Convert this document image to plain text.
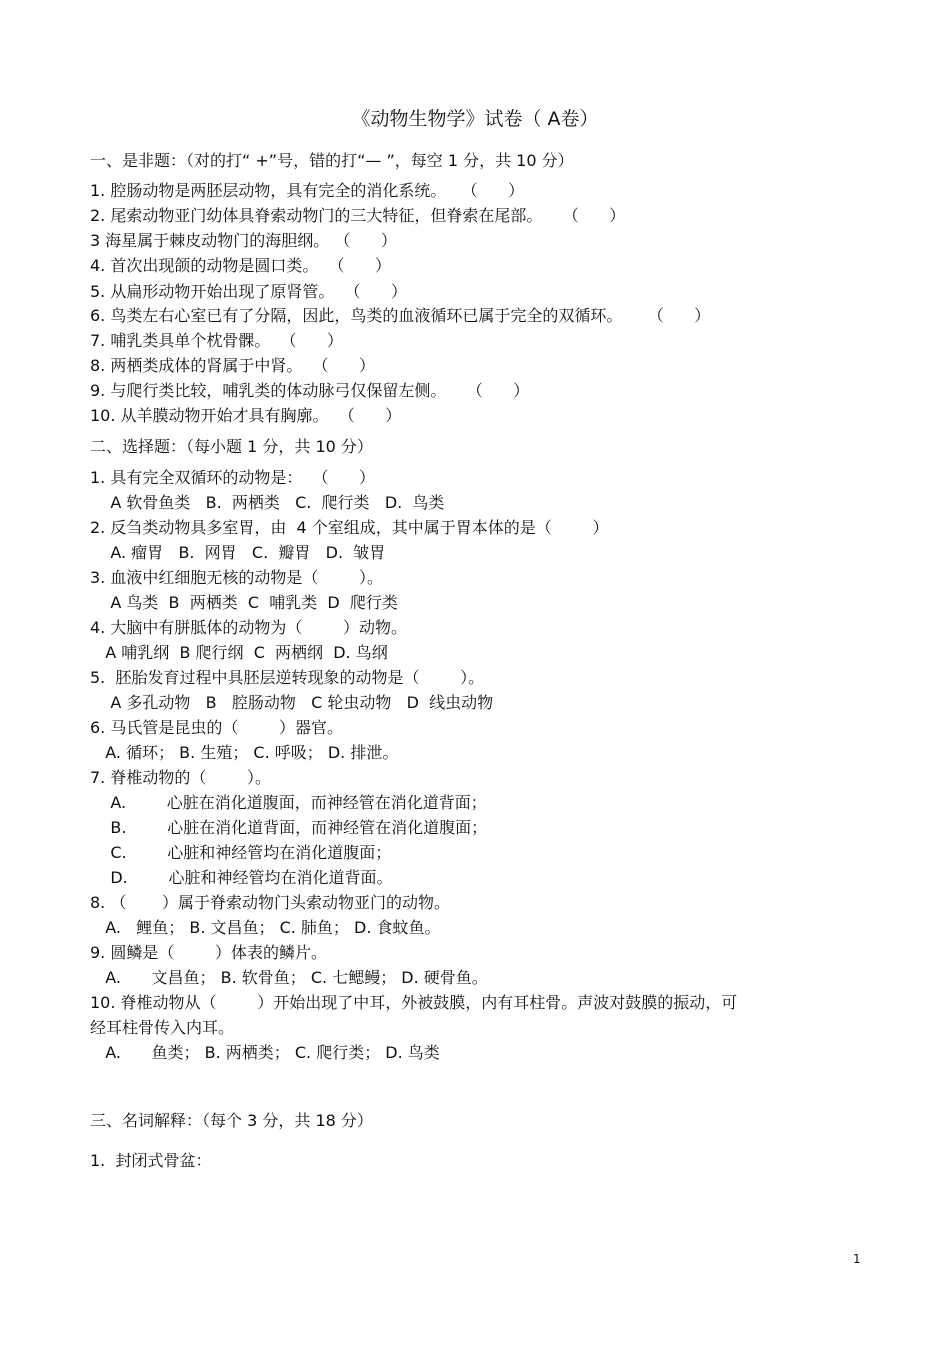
《动物生物学》试卷（ A卷）
一、是非题：（对的打“ +”号，错的打“— ”，每空 1 分，共 10 分）
1. 腔肠动物是两胚层动物，具有完全的消化系统。   （      ）
2. 尾索动物亚门幼体具脊索动物门的三大特征，但脊索在尾部。    （      ）
3 海星属于棘皮动物门的海胆纲。 （      ）
4. 首次出现颌的动物是圆口类。  （      ）
5. 从扁形动物开始出现了原肾管。  （      ）
6. 鸟类左右心室已有了分隔，因此，鸟类的血液循环已属于完全的双循环。     （      ）
7. 哺乳类具单个枕骨髁。  （      ）
8. 两栖类成体的肾属于中肾。  （      ）
9. 与爬行类比较，哺乳类的体动脉弓仅保留左侧。    （      ）
10. 从羊膜动物开始才具有胸廓。  （      ）
二、选择题：（每小题 1 分，共 10 分）
1. 具有完全双循环的动物是：  （      ）
A 软骨鱼类   B.  两栖类   C.  爬行类   D.  鸟类
2. 反刍类动物具多室胃，由  4 个室组成，其中属于胃本体的是（        ）
A. 瘤胃   B.  网胃   C.  瓣胃   D.  皱胃
3. 血液中红细胞无核的动物是（        ）。
A 鸟类  B  两栖类  C  哺乳类  D  爬行类
4. 大脑中有胼胝体的动物为（        ）动物。
A 哺乳纲  B 爬行纲  C  两栖纲  D. 鸟纲
5.  胚胎发育过程中具胚层逆转现象的动物是（        ）。
A 多孔动物   B   腔肠动物   C 轮虫动物   D  线虫动物
6. 马氏管是昆虫的（        ）器官。
A. 循环； B. 生殖； C. 呼吸； D. 排泄。
7. 脊椎动物的（        ）。
A.        心脏在消化道腹面，而神经管在消化道背面；
B.        心脏在消化道背面，而神经管在消化道腹面；
C.        心脏和神经管均在消化道腹面；
D.        心脏和神经管均在消化道背面。
8. （       ）属于脊索动物门头索动物亚门的动物。
A.   鲤鱼； B. 文昌鱼； C. 肺鱼； D. 食蚊鱼。
9. 圆鳞是（        ）体表的鳞片。
A.      文昌鱼； B. 软骨鱼； C. 七鳃鳗； D. 硬骨鱼。
10. 脊椎动物从（        ）开始出现了中耳，外被鼓膜，内有耳柱骨。声波对鼓膜的振动，可
经耳柱骨传入内耳。
A.      鱼类； B. 两栖类； C. 爬行类； D. 鸟类
三、名词解释：（每个 3 分，共 18 分）
1.  封闭式骨盆：
1
